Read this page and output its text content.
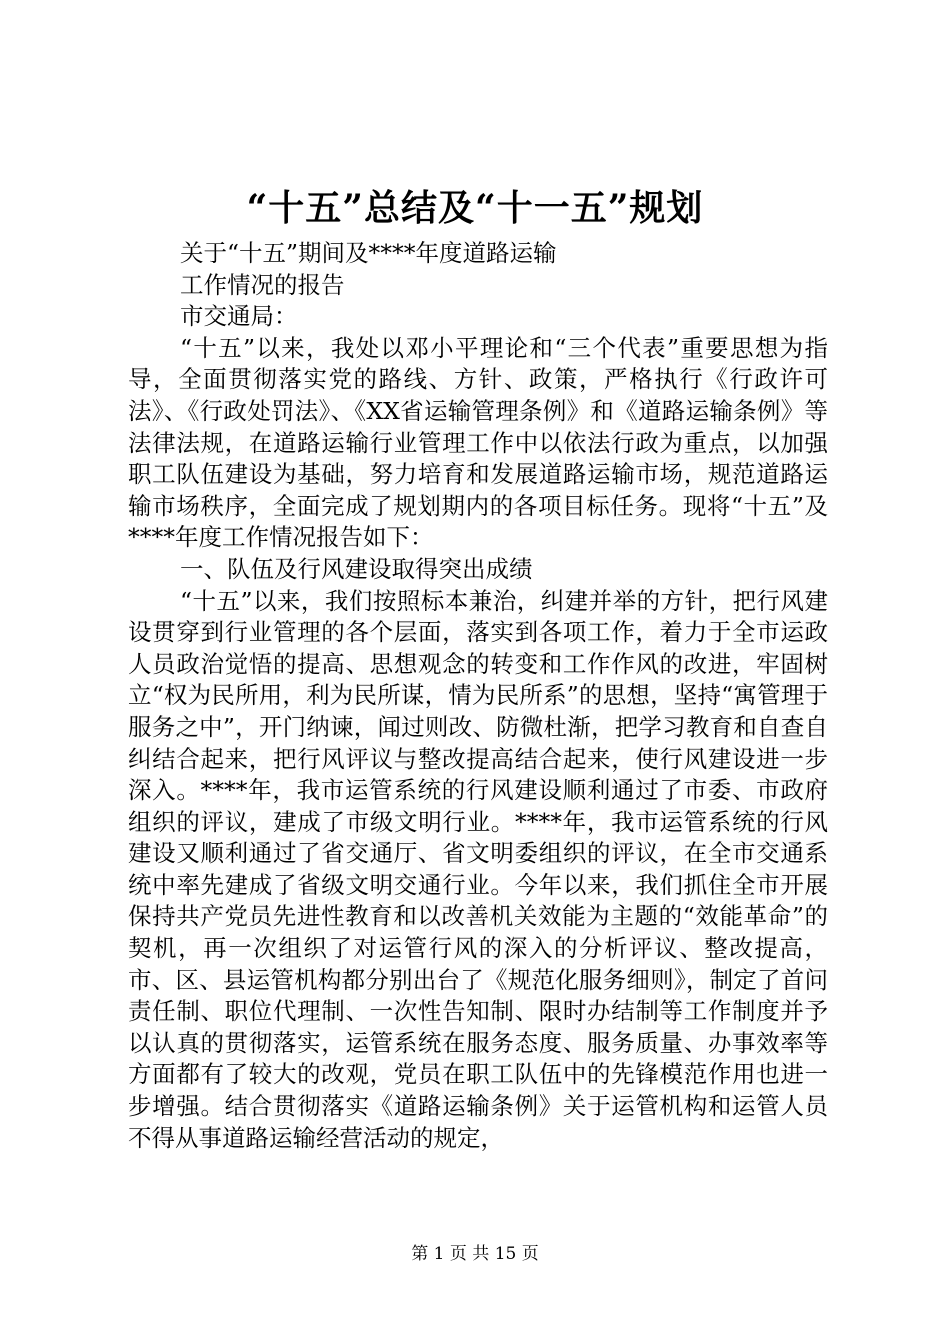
“十五”总结及“十一五”规划
关于“十五”期间及****年度道路运输
工作情况的报告
市交通局：
“十五”以来，我处以邓小平理论和“三个代表”重要思想为指导，全面贯彻落实党的路线、方针、政策，严格执行《行政许可法》、《行政处罚法》、《XX省运输管理条例》和《道路运输条例》等法律法规，在道路运输行业管理工作中以依法行政为重点，以加强职工队伍建设为基础，努力培育和发展道路运输市场，规范道路运输市场秩序，全面完成了规划期内的各项目标任务。现将“十五”及****年度工作情况报告如下：
一、队伍及行风建设取得突出成绩
“十五”以来，我们按照标本兼治，纠建并举的方针，把行风建设贯穿到行业管理的各个层面，落实到各项工作，着力于全市运政人员政治觉悟的提高、思想观念的转变和工作作风的改进，牢固树立“权为民所用，利为民所谋，情为民所系”的思想，坚持“寓管理于服务之中”，开门纳谏，闻过则改、防微杜渐，把学习教育和自查自纠结合起来，把行风评议与整改提高结合起来，使行风建设进一步深入。****年，我市运管系统的行风建设顺利通过了市委、市政府组织的评议，建成了市级文明行业。****年，我市运管系统的行风建设又顺利通过了省交通厅、省文明委组织的评议，在全市交通系统中率先建成了省级文明交通行业。今年以来，我们抓住全市开展保持共产党员先进性教育和以改善机关效能为主题的“效能革命”的契机，再一次组织了对运管行风的深入的分析评议、整改提高，市、区、县运管机构都分别出台了《规范化服务细则》，制定了首问责任制、职位代理制、一次性告知制、限时办结制等工作制度并予以认真的贯彻落实，运管系统在服务态度、服务质量、办事效率等方面都有了较大的改观，党员在职工队伍中的先锋模范作用也进一步增强。结合贯彻落实《道路运输条例》关于运管机构和运管人员不得从事道路运输经营活动的规定，
第 1 页 共 15 页
